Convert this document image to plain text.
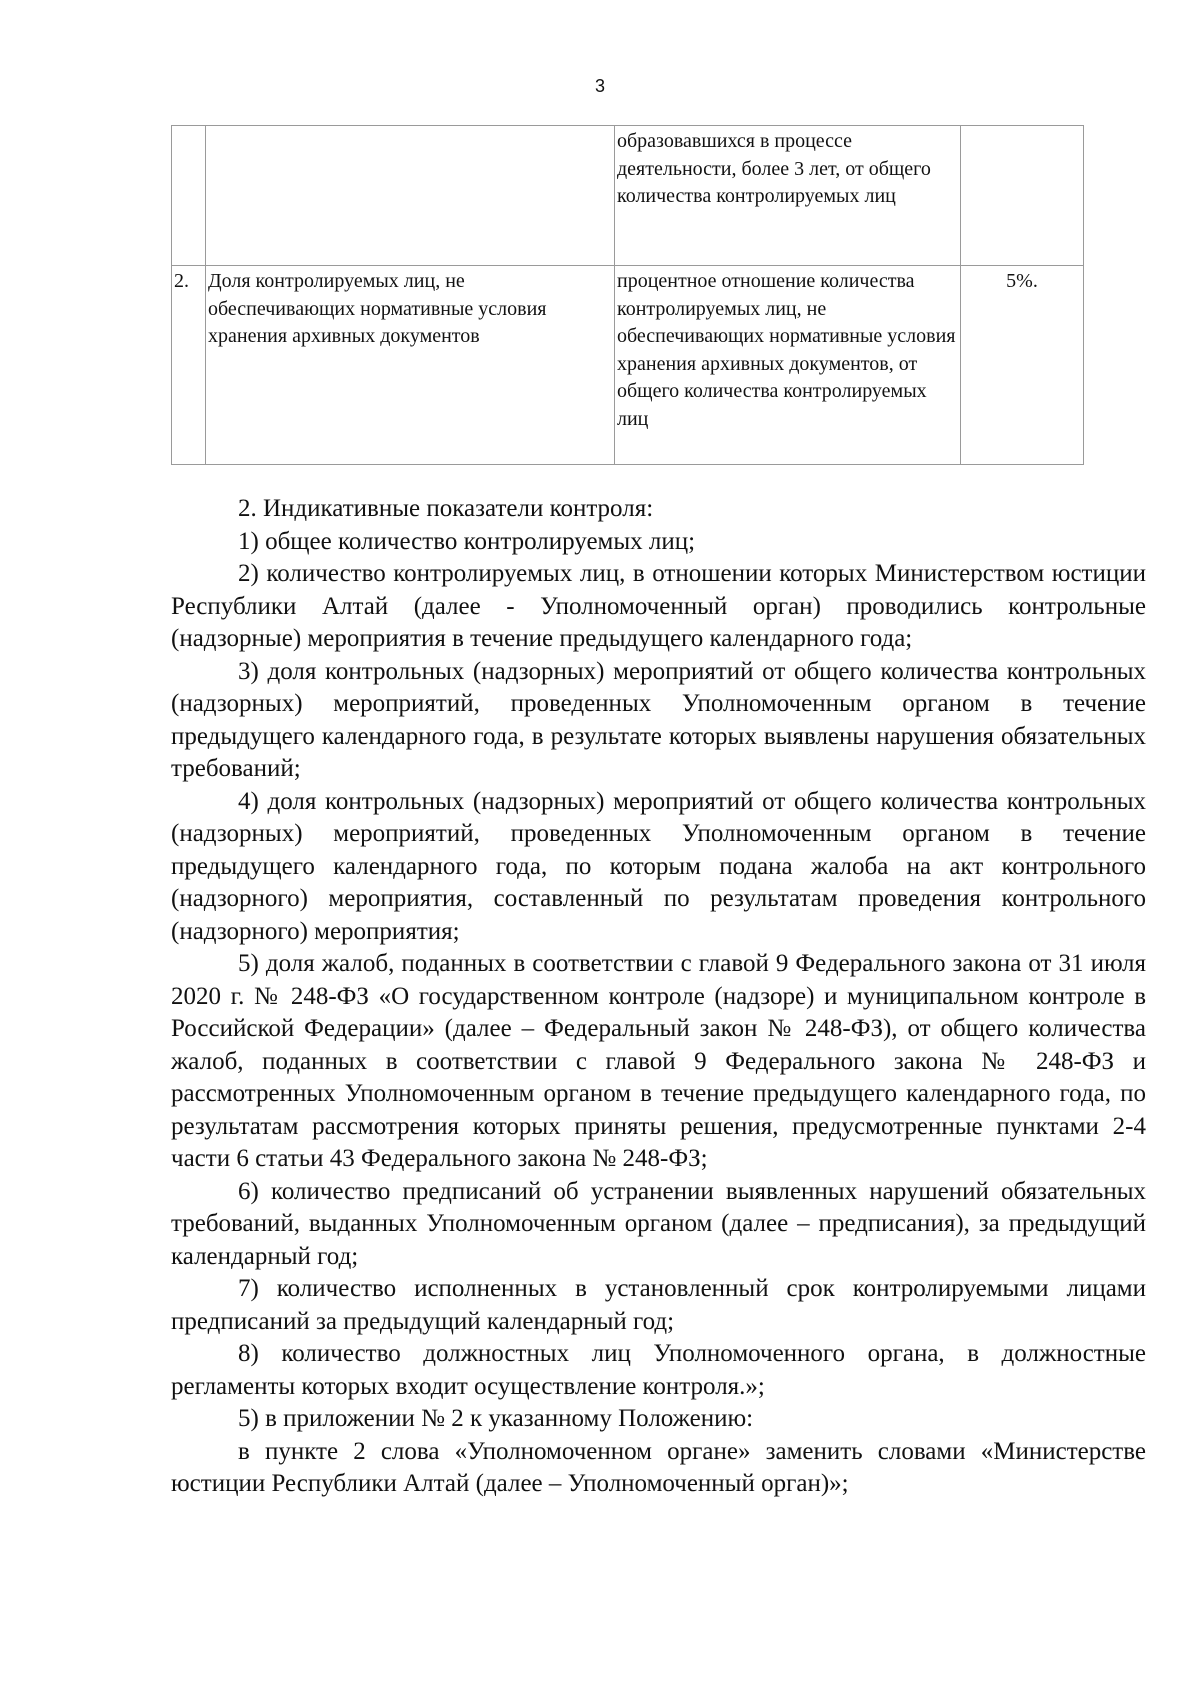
3
		образовавшихся в процессе деятельности, более 3 лет, от общего количества контролируемых лиц	
2.	Доля контролируемых лиц, не обеспечивающих нормативные условия хранения архивных документов	процентное отношение количества контролируемых лиц, не обеспечивающих нормативные условия хранения архивных документов, от общего количества контролируемых лиц	5%.

2. Индикативные показатели контроля:

1) общее количество контролируемых лиц;

2) количество контролируемых лиц, в отношении которых Министерством юстиции Республики Алтай (далее - Уполномоченный орган) проводились контрольные (надзорные) мероприятия в течение предыдущего календарного года;

3) доля контрольных (надзорных) мероприятий от общего количества контрольных (надзорных) мероприятий, проведенных Уполномоченным органом в течение предыдущего календарного года, в результате которых выявлены нарушения обязательных требований;

4) доля контрольных (надзорных) мероприятий от общего количества контрольных (надзорных) мероприятий, проведенных Уполномоченным органом в течение предыдущего календарного года, по которым подана жалоба на акт контрольного (надзорного) мероприятия, составленный по результатам проведения контрольного (надзорного) мероприятия;

5) доля жалоб, поданных в соответствии с главой 9 Федерального закона от 31 июля 2020 г. № 248-ФЗ «О государственном контроле (надзоре) и муниципальном контроле в Российской Федерации» (далее – Федеральный закон № 248-ФЗ), от общего количества жалоб, поданных в соответствии с главой 9 Федерального закона № 248-ФЗ и рассмотренных Уполномоченным органом в течение предыдущего календарного года, по результатам рассмотрения которых приняты решения, предусмотренные пунктами 2-4 части 6 статьи 43 Федерального закона № 248-ФЗ;

6) количество предписаний об устранении выявленных нарушений обязательных требований, выданных Уполномоченным органом (далее – предписания), за предыдущий календарный год;

7) количество исполненных в установленный срок контролируемыми лицами предписаний за предыдущий календарный год;

8) количество должностных лиц Уполномоченного органа, в должностные регламенты которых входит осуществление контроля.»;

5) в приложении № 2 к указанному Положению:

в пункте 2 слова «Уполномоченном органе» заменить словами «Министерстве юстиции Республики Алтай (далее – Уполномоченный орган)»;
